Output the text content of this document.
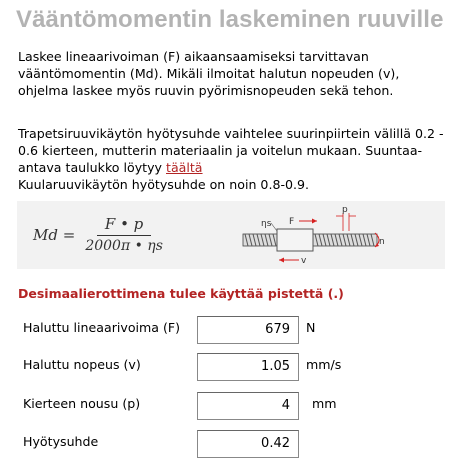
Vääntömomentin laskeminen ruuville
Laskee lineaarivoiman (F) aikaansaamiseksi tarvittavan vääntömomentin (Md). Mikäli ilmoitat halutun nopeuden (v), ohjelma laskee myös ruuvin pyörimisnopeuden sekä tehon.
Trapetsiruuvikäytön hyötysuhde vaihtelee suurinpiirtein välillä 0.2 - 0.6 kierteen, mutterin materiaalin ja voitelun mukaan. Suuntaa-antava taulukko löytyy täältä
Kuularuuvikäytön hyötysuhde on noin 0.8-0.9.
$Md = \frac{F • p}{2000\pi • \eta s}$	F
ηs
p
v
n
Desimaalierottimena tulee käyttää pistettä (.)
Haluttu lineaarivoima (F)	679	N
Haluttu nopeus (v)	1.05	mm/s
Kierteen nousu (p)	4	mm
Hyötysuhde	0.42
